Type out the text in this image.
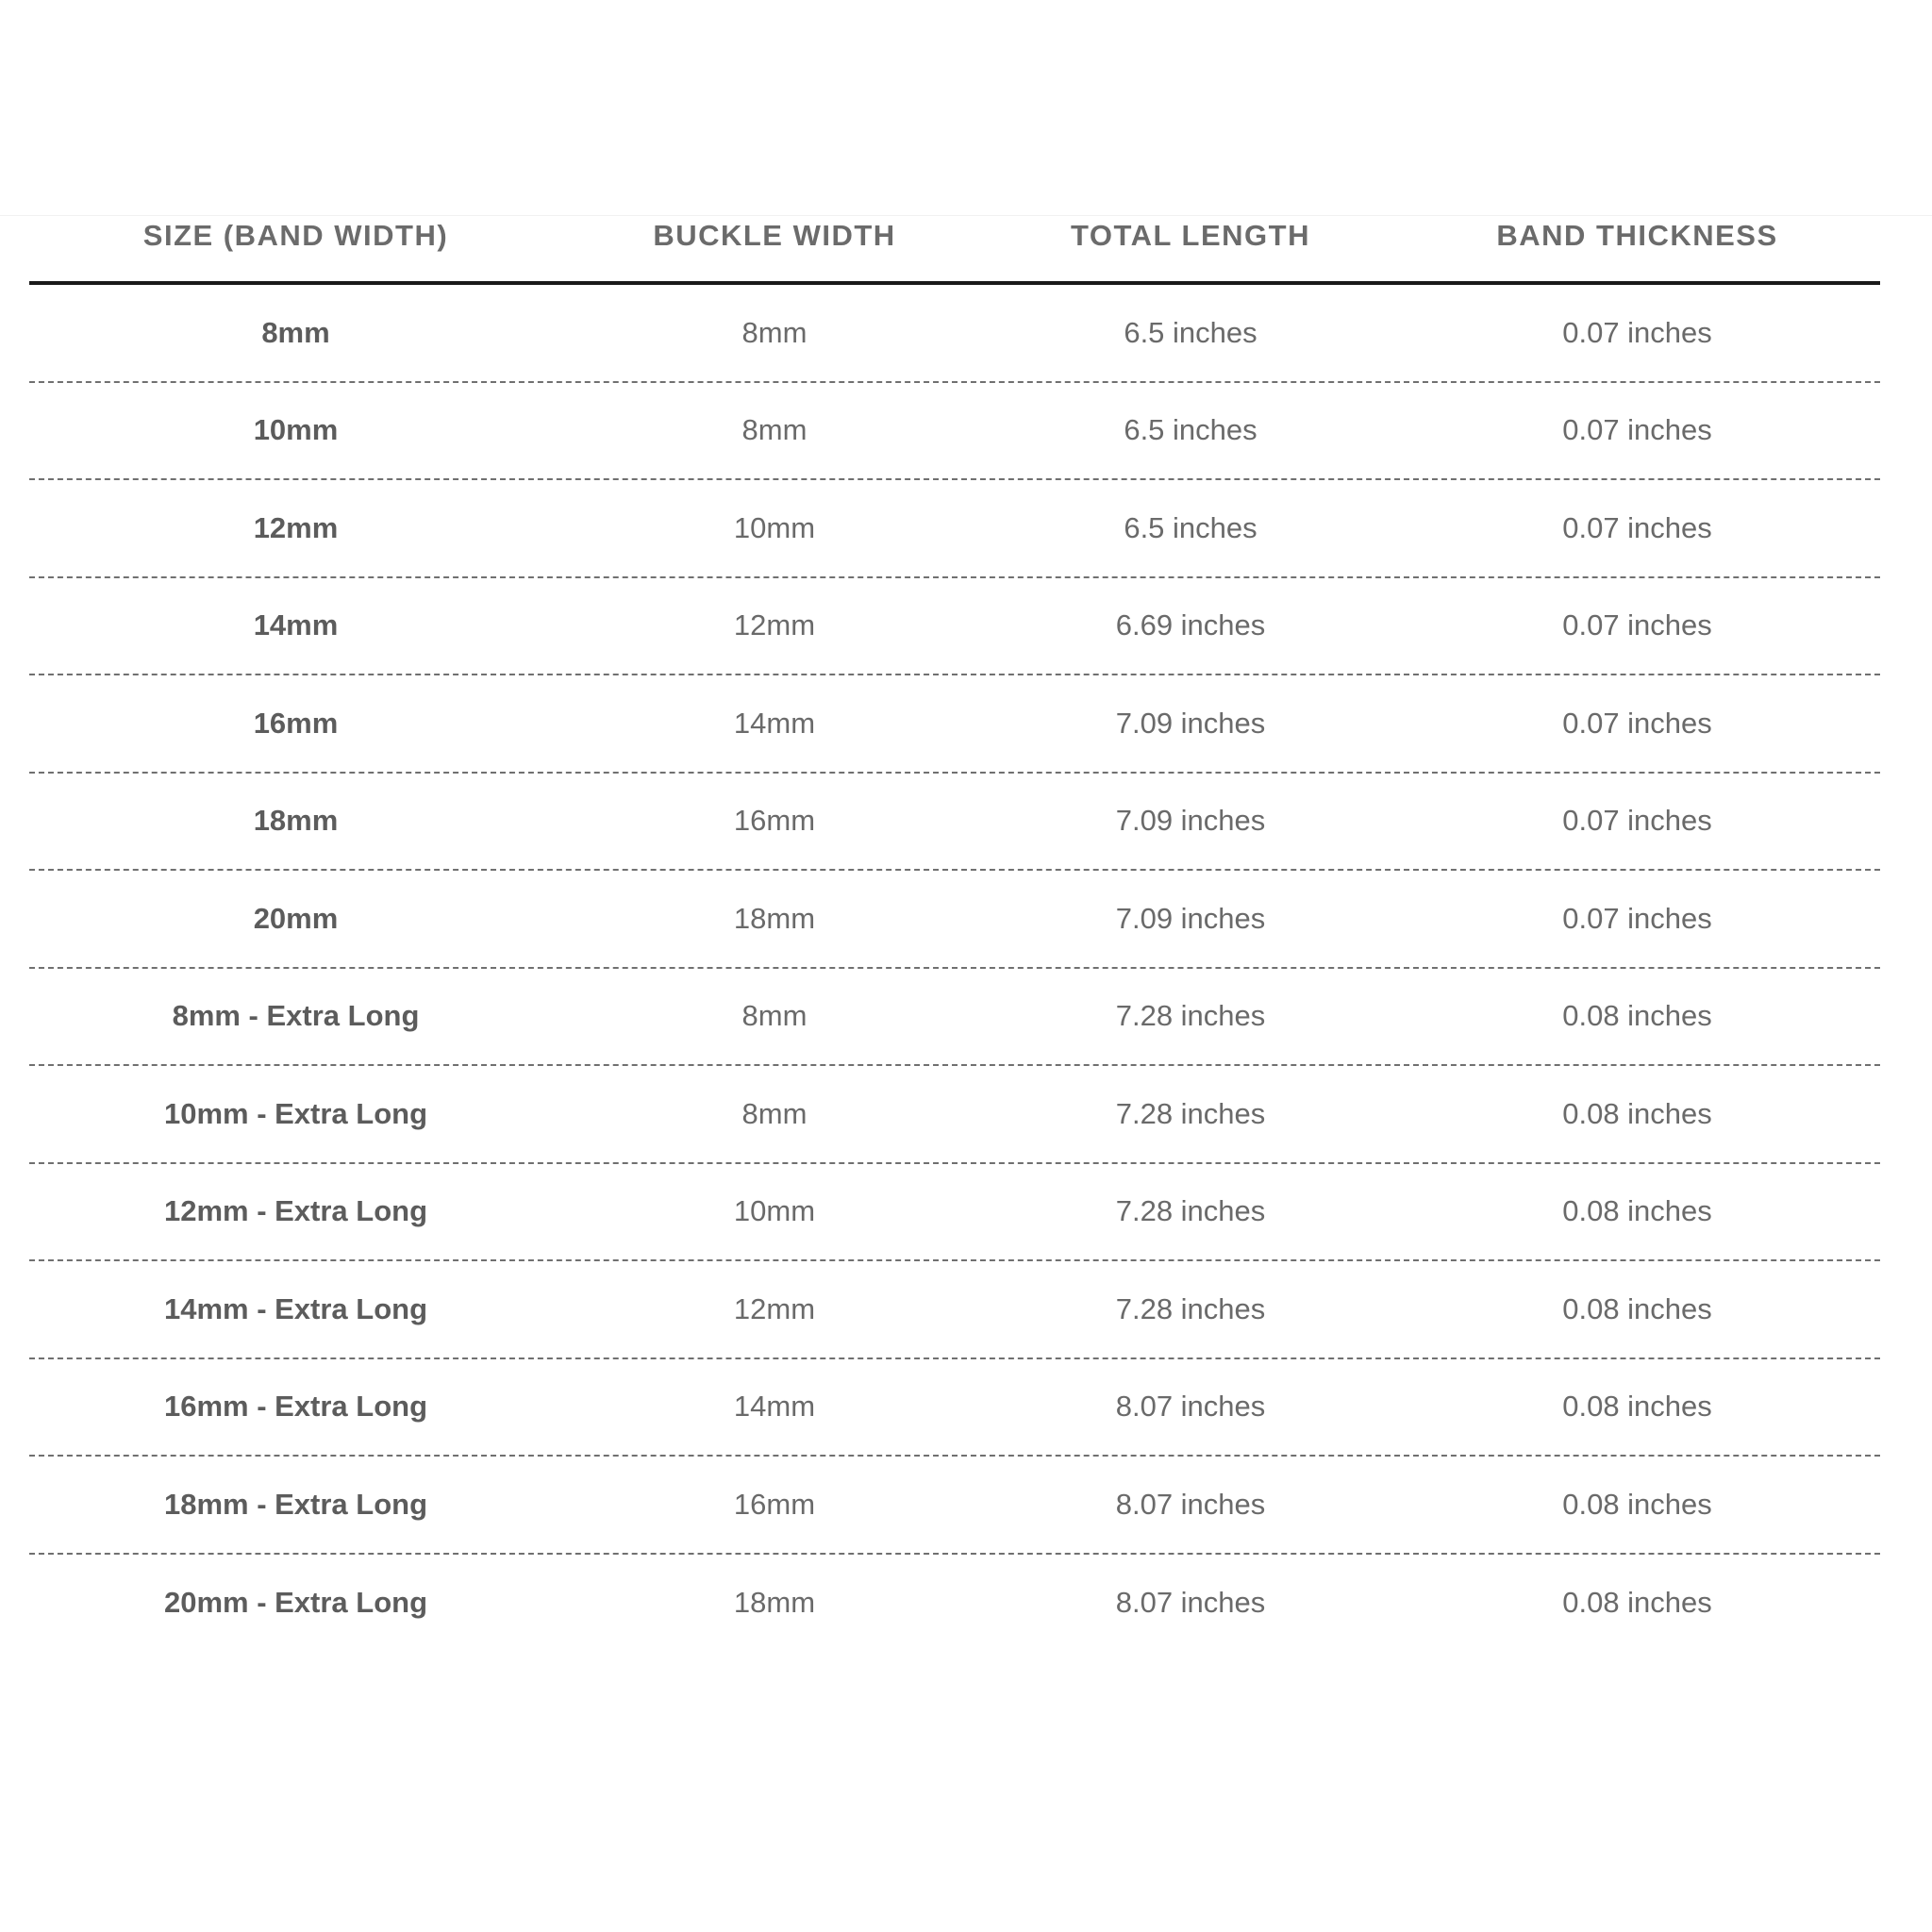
SIZE (BAND WIDTH)	BUCKLE WIDTH	TOTAL LENGTH	BAND THICKNESS
8mm	8mm	6.5 inches	0.07 inches
10mm	8mm	6.5 inches	0.07 inches
12mm	10mm	6.5 inches	0.07 inches
14mm	12mm	6.69 inches	0.07 inches
16mm	14mm	7.09 inches	0.07 inches
18mm	16mm	7.09 inches	0.07 inches
20mm	18mm	7.09 inches	0.07 inches
8mm - Extra Long	8mm	7.28 inches	0.08 inches
10mm - Extra Long	8mm	7.28 inches	0.08 inches
12mm - Extra Long	10mm	7.28 inches	0.08 inches
14mm - Extra Long	12mm	7.28 inches	0.08 inches
16mm - Extra Long	14mm	8.07 inches	0.08 inches
18mm - Extra Long	16mm	8.07 inches	0.08 inches
20mm - Extra Long	18mm	8.07 inches	0.08 inches
